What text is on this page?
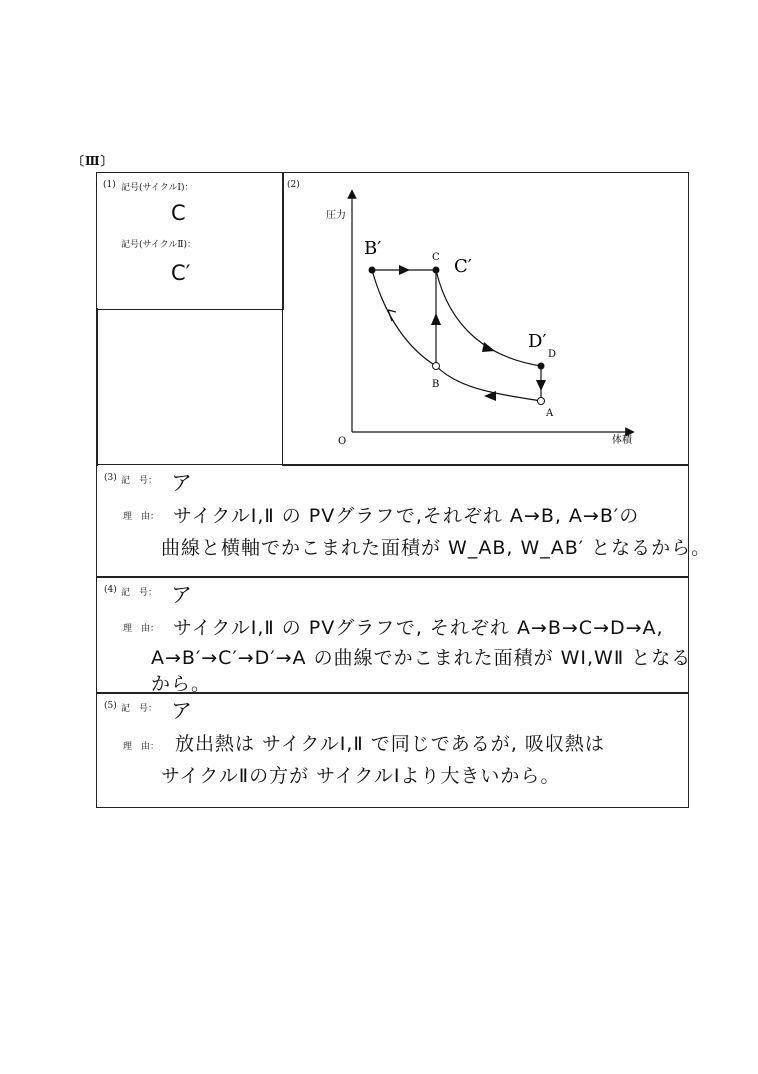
〔Ⅲ〕
(1) 記号(サイクルⅠ)：
C
記号(サイクルⅡ)：
C′
(2)
圧力
体積
O
A
B
C
D
B′
C′
D′
(3) 記　号： ア
理　由： サイクルⅠ,Ⅱ の PVグラフで,それぞれ A→B, A→B′の
曲線と横軸でかこまれた面積が W_AB, W_AB′ となるから。
(4) 記　号： ア
理　由： サイクルⅠ,Ⅱ の PVグラフで, それぞれ A→B→C→D→A,
A→B′→C′→D′→A の曲線でかこまれた面積が WⅠ,WⅡ となる
から。
(5) 記　号： ア
理　由： 放出熱は サイクルⅠ,Ⅱ で同じであるが, 吸収熱は
サイクルⅡの方が サイクルⅠより大きいから。
